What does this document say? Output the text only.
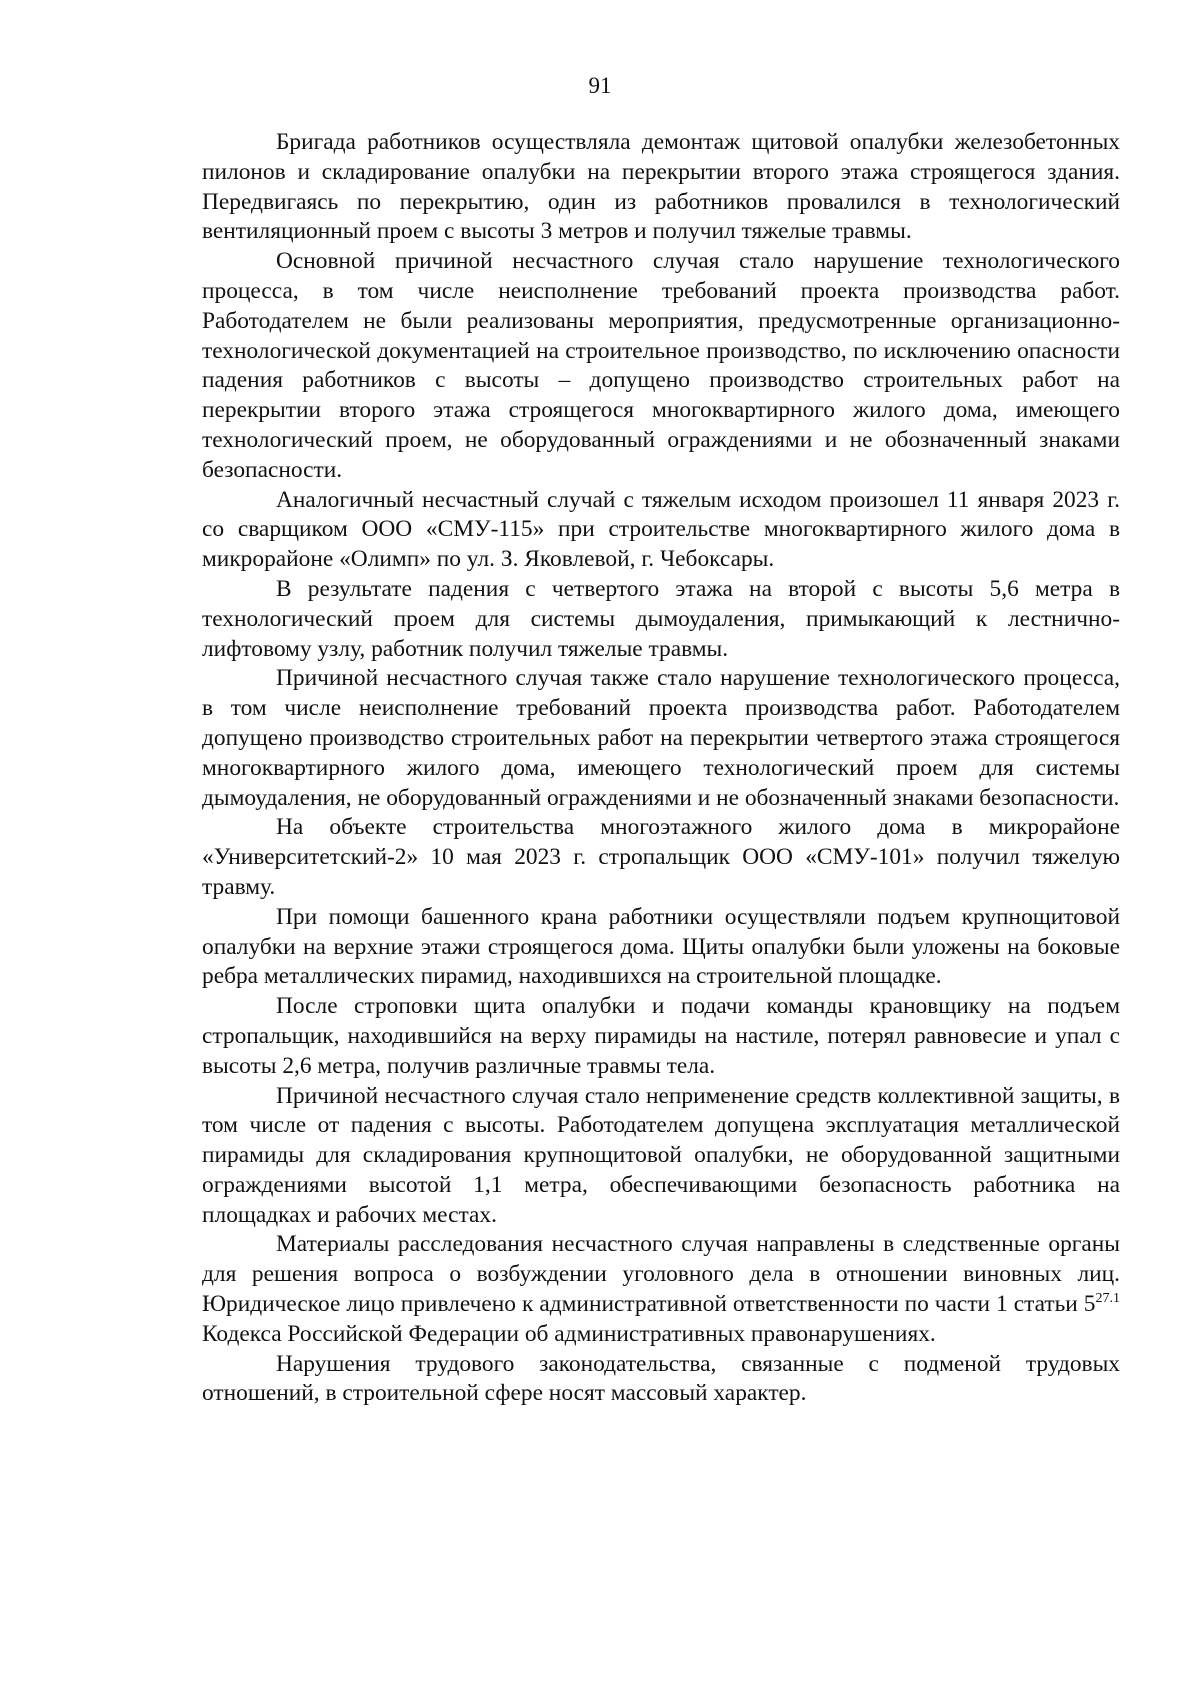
91

Бригада работников осуществляла демонтаж щитовой опалубки железобетонных пилонов и складирование опалубки на перекрытии второго этажа строящегося здания. Передвигаясь по перекрытию, один из работников провалился в технологический вентиляционный проем с высоты 3 метров и получил тяжелые травмы.

Основной причиной несчастного случая стало нарушение технологического процесса, в том числе неисполнение требований проекта производства работ. Работодателем не были реализованы мероприятия, предусмотренные организационно-технологической документацией на строительное производство, по исключению опасности падения работников с высоты – допущено производство строительных работ на перекрытии второго этажа строящегося многоквартирного жилого дома, имеющего технологический проем, не оборудованный ограждениями и не обозначенный знаками безопасности.

Аналогичный несчастный случай с тяжелым исходом произошел 11 января 2023 г. со сварщиком ООО «СМУ-115» при строительстве многоквартирного жилого дома в микрорайоне «Олимп» по ул. З. Яковлевой, г. Чебоксары.

В результате падения с четвертого этажа на второй с высоты 5,6 метра в технологический проем для системы дымоудаления, примыкающий к лестнично-лифтовому узлу, работник получил тяжелые травмы.

Причиной несчастного случая также стало нарушение технологического процесса, в том числе неисполнение требований проекта производства работ. Работодателем допущено производство строительных работ на перекрытии четвертого этажа строящегося многоквартирного жилого дома, имеющего технологический проем для системы дымоудаления, не оборудованный ограждениями и не обозначенный знаками безопасности.

На объекте строительства многоэтажного жилого дома в микрорайоне «Университетский-2» 10 мая 2023 г. стропальщик ООО «СМУ-101» получил тяжелую травму.

При помощи башенного крана работники осуществляли подъем крупнощитовой опалубки на верхние этажи строящегося дома. Щиты опалубки были уложены на боковые ребра металлических пирамид, находившихся на строительной площадке.

После строповки щита опалубки и подачи команды крановщику на подъем стропальщик, находившийся на верху пирамиды на настиле, потерял равновесие и упал с высоты 2,6 метра, получив различные травмы тела.

Причиной несчастного случая стало неприменение средств коллективной защиты, в том числе от падения с высоты. Работодателем допущена эксплуатация металлической пирамиды для складирования крупнощитовой опалубки, не оборудованной защитными ограждениями высотой 1,1 метра, обеспечивающими безопасность работника на площадках и рабочих местах.

Материалы расследования несчастного случая направлены в следственные органы для решения вопроса о возбуждении уголовного дела в отношении виновных лиц. Юридическое лицо привлечено к административной ответственности по части 1 статьи $5^{27.1}$ Кодекса Российской Федерации об административных правонарушениях.

Нарушения трудового законодательства, связанные с подменой трудовых отношений, в строительной сфере носят массовый характер.
